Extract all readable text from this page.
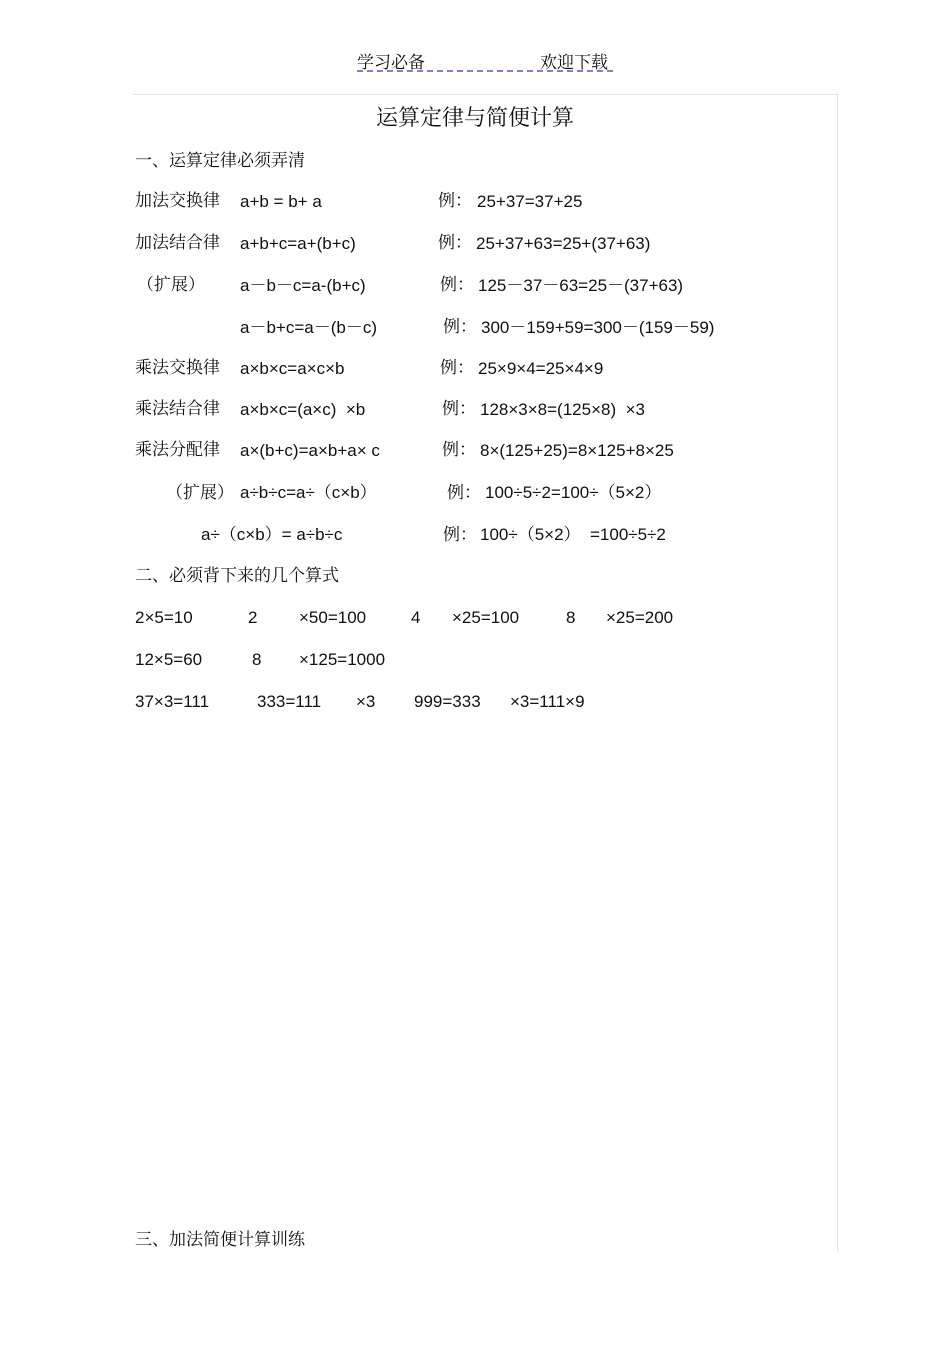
学习必备	欢迎下载
运算定律与简便计算
一、运算定律必须弄清
加法交换律 a+b = b+ a	例： 25+37=37+25
加法结合律 a+b+c=a+(b+c)	例： 25+37+63=25+(37+63)
（扩展） a－b－c=a-(b+c)	例： 125－37－63=25－(37+63)
a－b+c=a－(b－c)	例： 300－159+59=300－(159－59)
乘法交换律 a×b×c=a×c×b	例： 25×9×4=25×4×9
乘法结合律 a×b×c=(a×c)  ×b	例： 128×3×8=(125×8)  ×3
乘法分配律 a×(b+c)=a×b+a× c	例： 8×(125+25)=8×125+8×25
（扩展） a÷b÷c=a÷（c×b）	例： 100÷5÷2=100÷（5×2）
a÷（c×b）= a÷b÷c	例： 100÷（5×2）  =100÷5÷2
二、必须背下来的几个算式
2×5=10	2 ×50=100	4 ×25=100	8 ×25=200
12×5=60	8 ×125=1000
37×3=111	333=111 ×3 999=333 ×3=111×9
三、加法简便计算训练
